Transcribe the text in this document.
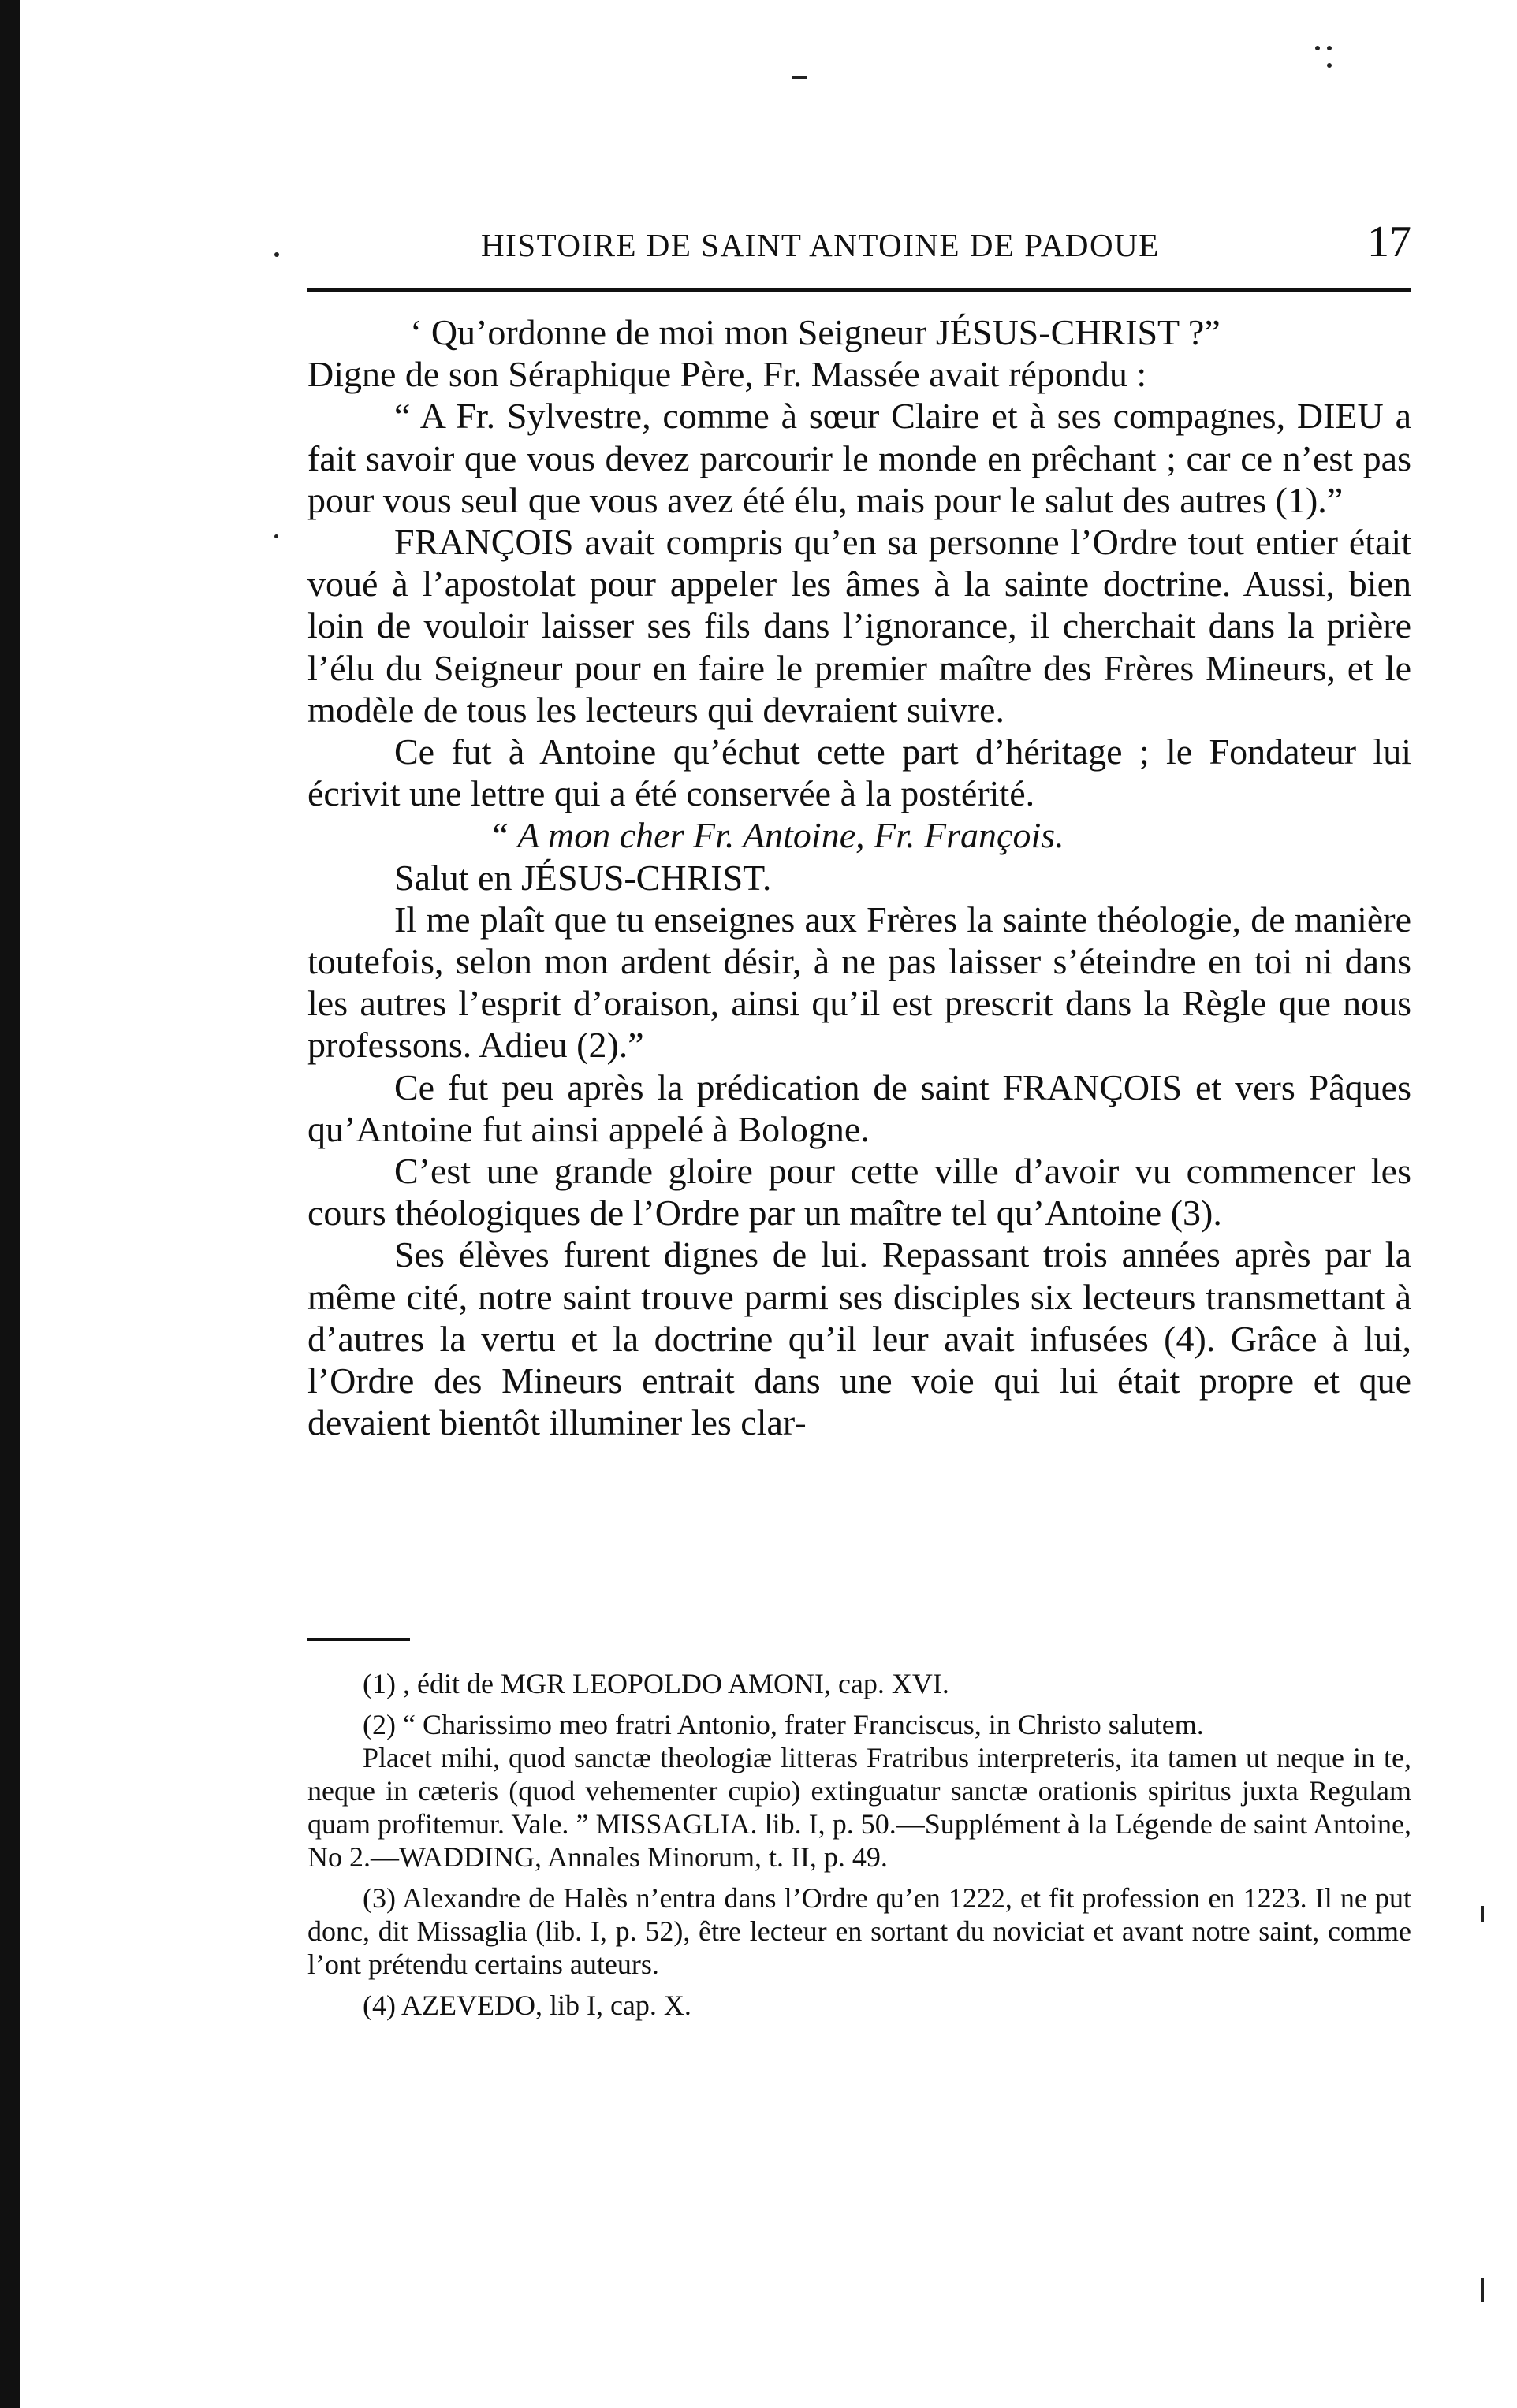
HISTOIRE DE SAINT ANTOINE DE PADOUE	17

‘ Qu’ordonne de moi mon Seigneur JÉSUS-CHRIST ?”

Digne de son Séraphique Père, Fr. Massée avait répondu :

“ A Fr. Sylvestre, comme à sœur Claire et à ses compagnes, DIEU a fait savoir que vous devez parcourir le monde en prêchant ; car ce n’est pas pour vous seul que vous avez été élu, mais pour le salut des autres (1).”

FRANÇOIS avait compris qu’en sa personne l’Ordre tout entier était voué à l’apostolat pour appeler les âmes à la sainte doctrine. Aussi, bien loin de vouloir laisser ses fils dans l’ignorance, il cherchait dans la prière l’élu du Seigneur pour en faire le premier maître des Frères Mineurs, et le modèle de tous les lecteurs qui devraient suivre.

Ce fut à Antoine qu’échut cette part d’héritage ; le Fondateur lui écrivit une lettre qui a été conservée à la postérité.

“ A mon cher Fr. Antoine, Fr. François.

Salut en JÉSUS-CHRIST.

Il me plaît que tu enseignes aux Frères la sainte théologie, de manière toutefois, selon mon ardent désir, à ne pas laisser s’éteindre en toi ni dans les autres l’esprit d’oraison, ainsi qu’il est prescrit dans la Règle que nous professons. Adieu (2).”

Ce fut peu après la prédication de saint FRANÇOIS et vers Pâques qu’Antoine fut ainsi appelé à Bologne.

C’est une grande gloire pour cette ville d’avoir vu commencer les cours théologiques de l’Ordre par un maître tel qu’Antoine (3).

Ses élèves furent dignes de lui. Repassant trois années après par la même cité, notre saint trouve parmi ses disciples six lecteurs transmettant à d’autres la vertu et la doctrine qu’il leur avait infusées (4). Grâce à lui, l’Ordre des Mineurs entrait dans une voie qui lui était propre et que devaient bientôt illuminer les clar-

(1) , édit de MGR LEOPOLDO AMONI, cap. XVI.

(2) “ Charissimo meo fratri Antonio, frater Franciscus, in Christo salutem.

Placet mihi, quod sanctæ theologiæ litteras Fratribus interpreteris, ita tamen ut neque in te, neque in cæteris (quod vehementer cupio) extinguatur sanctæ orationis spiritus juxta Regulam quam profitemur. Vale. ” MISSAGLIA. lib. I, p. 50.—Supplément à la Légende de saint Antoine, No 2.—WADDING, Annales Minorum, t. II, p. 49.

(3) Alexandre de Halès n’entra dans l’Ordre qu’en 1222, et fit profession en 1223. Il ne put donc, dit Missaglia (lib. I, p. 52), être lecteur en sortant du noviciat et avant notre saint, comme l’ont prétendu certains auteurs.

(4) AZEVEDO, lib I, cap. X.
